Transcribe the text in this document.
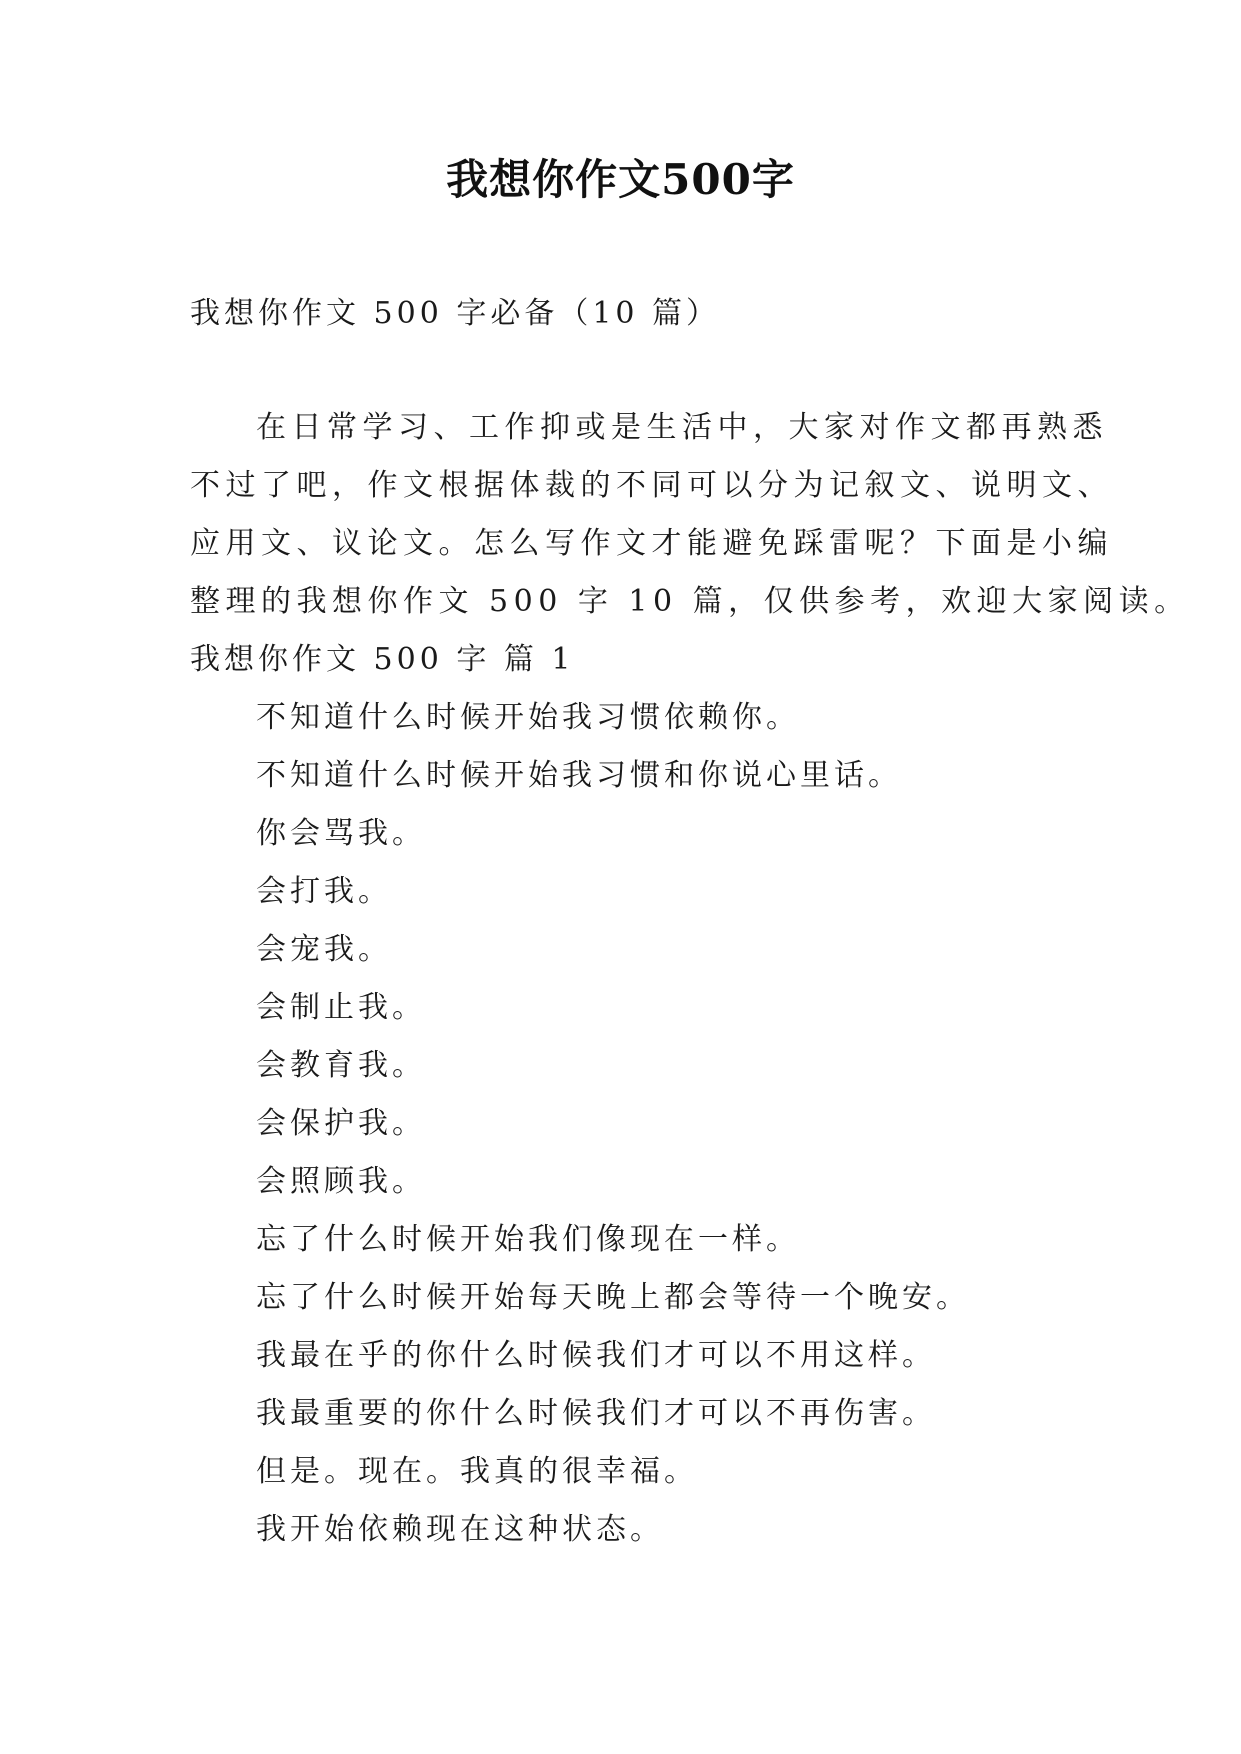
我想你作文500字
我想你作文 500 字必备（10 篇）
在日常学习、工作抑或是生活中，大家对作文都再熟悉
不过了吧，作文根据体裁的不同可以分为记叙文、说明文、
应用文、议论文。怎么写作文才能避免踩雷呢？下面是小编
整理的我想你作文 500 字 10 篇，仅供参考，欢迎大家阅读。
我想你作文 500 字 篇 1
不知道什么时候开始我习惯依赖你。
不知道什么时候开始我习惯和你说心里话。
你会骂我。
会打我。
会宠我。
会制止我。
会教育我。
会保护我。
会照顾我。
忘了什么时候开始我们像现在一样。
忘了什么时候开始每天晚上都会等待一个晚安。
我最在乎的你什么时候我们才可以不用这样。
我最重要的你什么时候我们才可以不再伤害。
但是。现在。我真的很幸福。
我开始依赖现在这种状态。
